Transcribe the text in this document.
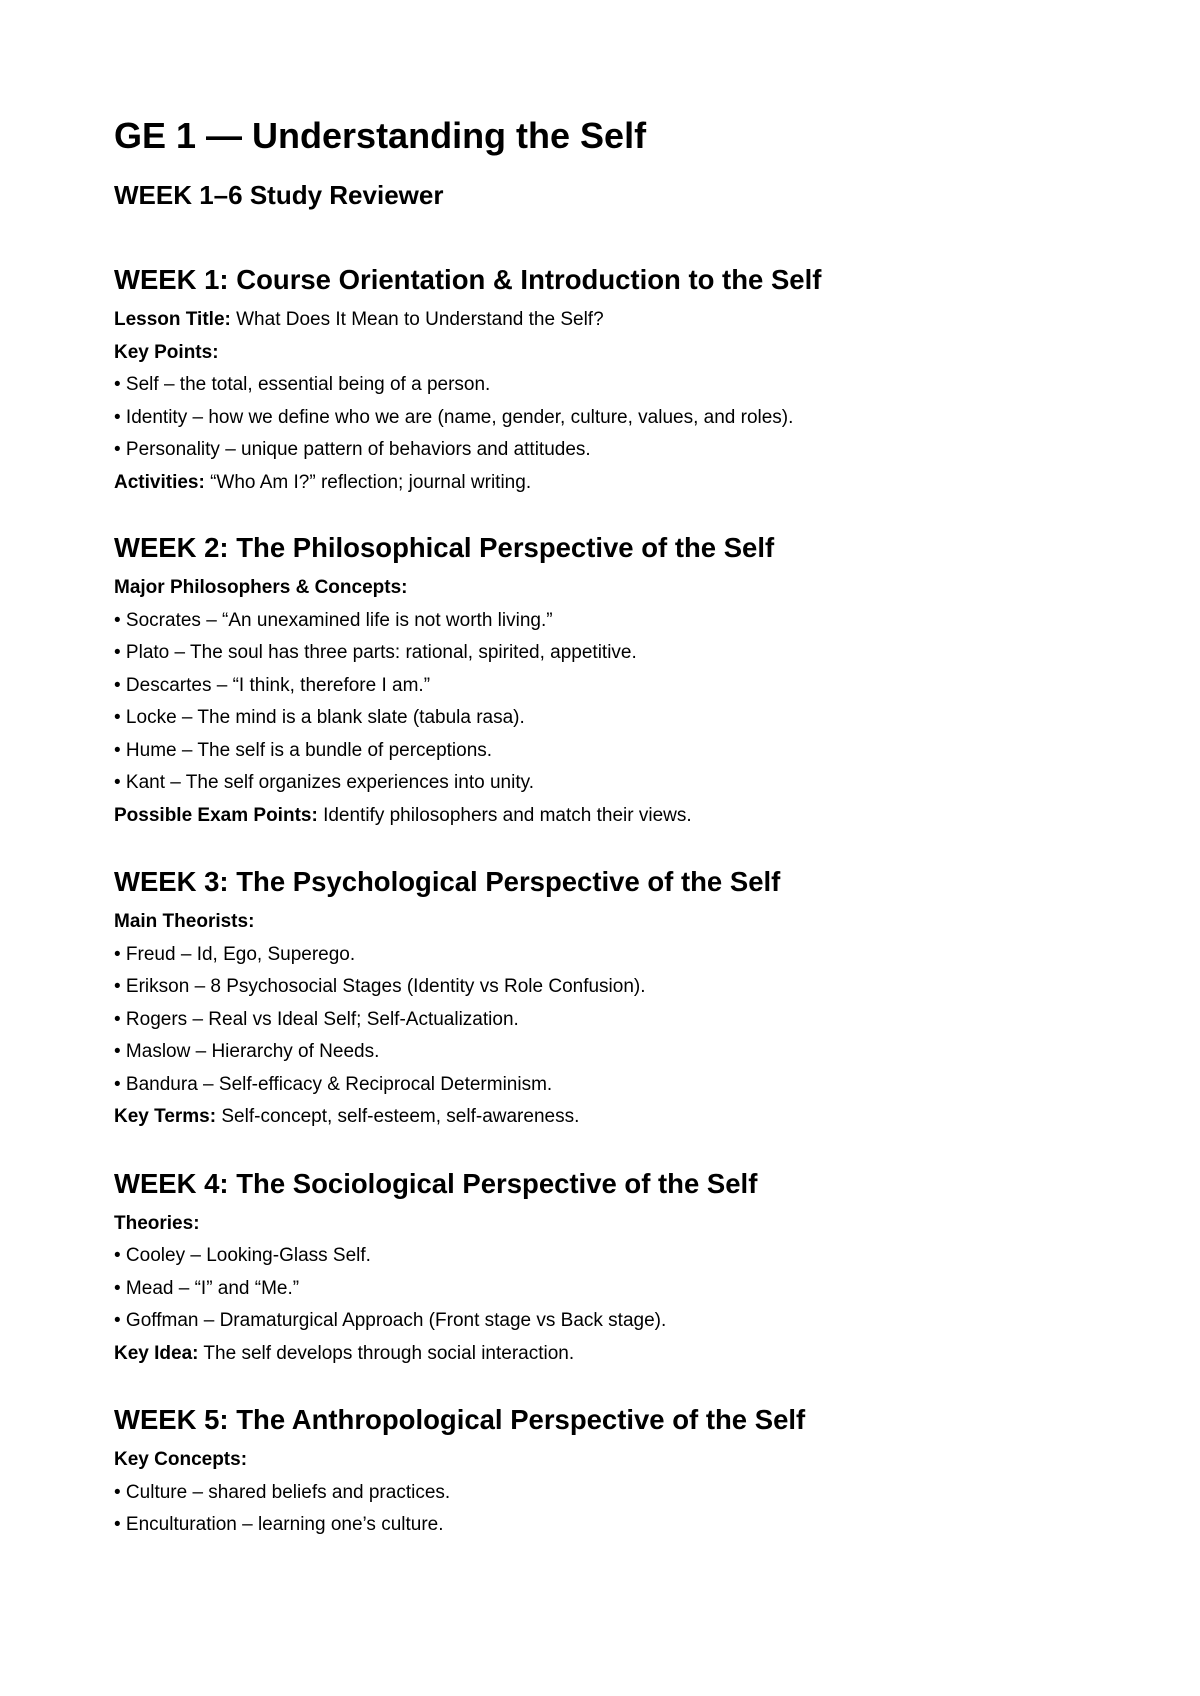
GE 1 — Understanding the Self
WEEK 1–6 Study Reviewer
WEEK 1: Course Orientation & Introduction to the Self

Lesson Title: What Does It Mean to Understand the Self?

Key Points:

• Self – the total, essential being of a person.

• Identity – how we define who we are (name, gender, culture, values, and roles).

• Personality – unique pattern of behaviors and attitudes.

Activities: “Who Am I?” reflection; journal writing.

WEEK 2: The Philosophical Perspective of the Self

Major Philosophers & Concepts:

• Socrates – “An unexamined life is not worth living.”

• Plato – The soul has three parts: rational, spirited, appetitive.

• Descartes – “I think, therefore I am.”

• Locke – The mind is a blank slate (tabula rasa).

• Hume – The self is a bundle of perceptions.

• Kant – The self organizes experiences into unity.

Possible Exam Points: Identify philosophers and match their views.

WEEK 3: The Psychological Perspective of the Self

Main Theorists:

• Freud – Id, Ego, Superego.

• Erikson – 8 Psychosocial Stages (Identity vs Role Confusion).

• Rogers – Real vs Ideal Self; Self-Actualization.

• Maslow – Hierarchy of Needs.

• Bandura – Self-efficacy & Reciprocal Determinism.

Key Terms: Self-concept, self-esteem, self-awareness.

WEEK 4: The Sociological Perspective of the Self

Theories:

• Cooley – Looking-Glass Self.

• Mead – “I” and “Me.”

• Goffman – Dramaturgical Approach (Front stage vs Back stage).

Key Idea: The self develops through social interaction.

WEEK 5: The Anthropological Perspective of the Self

Key Concepts:

• Culture – shared beliefs and practices.

• Enculturation – learning one’s culture.
